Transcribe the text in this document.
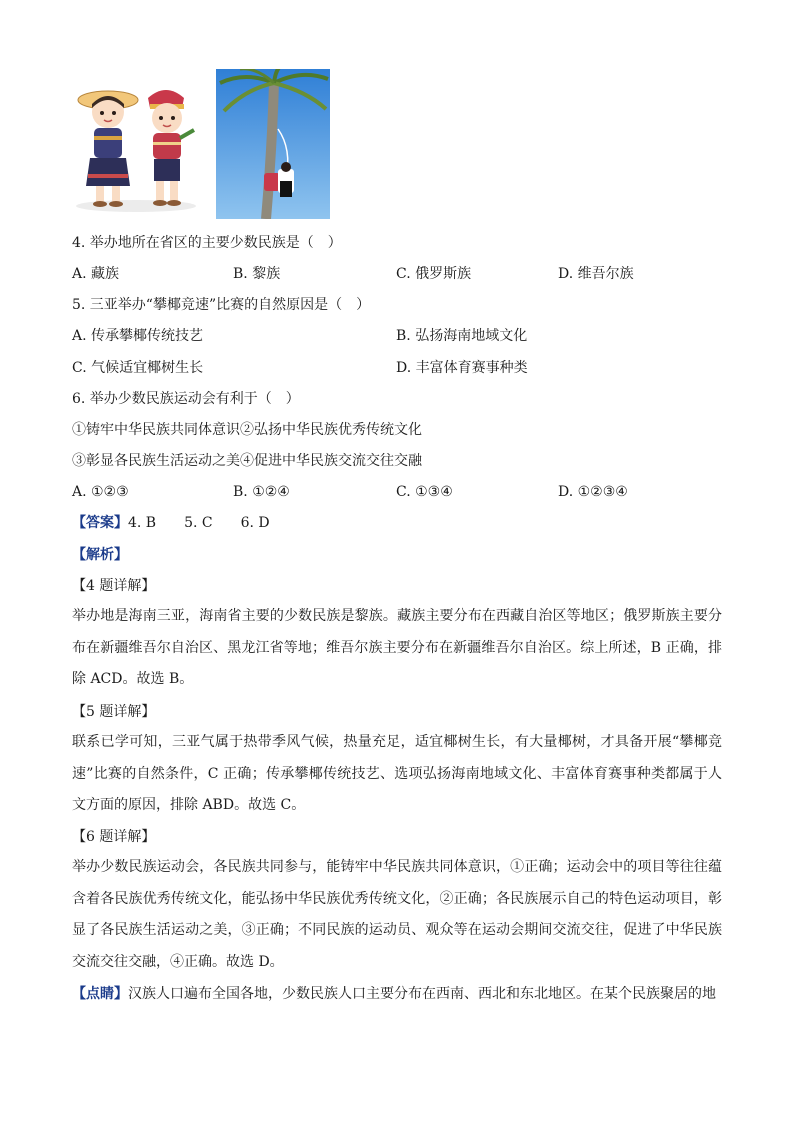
4. 举办地所在省区的主要少数民族是（　）
A. 藏族	B. 黎族	C. 俄罗斯族	D. 维吾尔族
5. 三亚举办“攀椰竞速”比赛的自然原因是（　）
A. 传承攀椰传统技艺	B. 弘扬海南地域文化
C. 气候适宜椰树生长	D. 丰富体育赛事种类
6. 举办少数民族运动会有利于（　）
①铸牢中华民族共同体意识②弘扬中华民族优秀传统文化
③彰显各民族生活运动之美④促进中华民族交流交往交融
A. ①②③	B. ①②④	C. ①③④	D. ①②③④
【答案】4. B　　5. C　　6. D
【解析】
【4 题详解】
举办地是海南三亚，海南省主要的少数民族是黎族。藏族主要分布在西藏自治区等地区；俄罗斯族主要分布在新疆维吾尔自治区、黑龙江省等地；维吾尔族主要分布在新疆维吾尔自治区。综上所述，B 正确，排除 ACD。故选 B。
【5 题详解】
联系已学可知，三亚气属于热带季风气候，热量充足，适宜椰树生长，有大量椰树，才具备开展“攀椰竞速”比赛的自然条件，C 正确；传承攀椰传统技艺、选项弘扬海南地域文化、丰富体育赛事种类都属于人文方面的原因，排除 ABD。故选 C。
【6 题详解】
举办少数民族运动会，各民族共同参与，能铸牢中华民族共同体意识，①正确；运动会中的项目等往往蕴含着各民族优秀传统文化，能弘扬中华民族优秀传统文化，②正确；各民族展示自己的特色运动项目，彰显了各民族生活运动之美，③正确；不同民族的运动员、观众等在运动会期间交流交往，促进了中华民族交流交往交融，④正确。故选 D。
【点睛】汉族人口遍布全国各地，少数民族人口主要分布在西南、西北和东北地区。在某个民族聚居的地
